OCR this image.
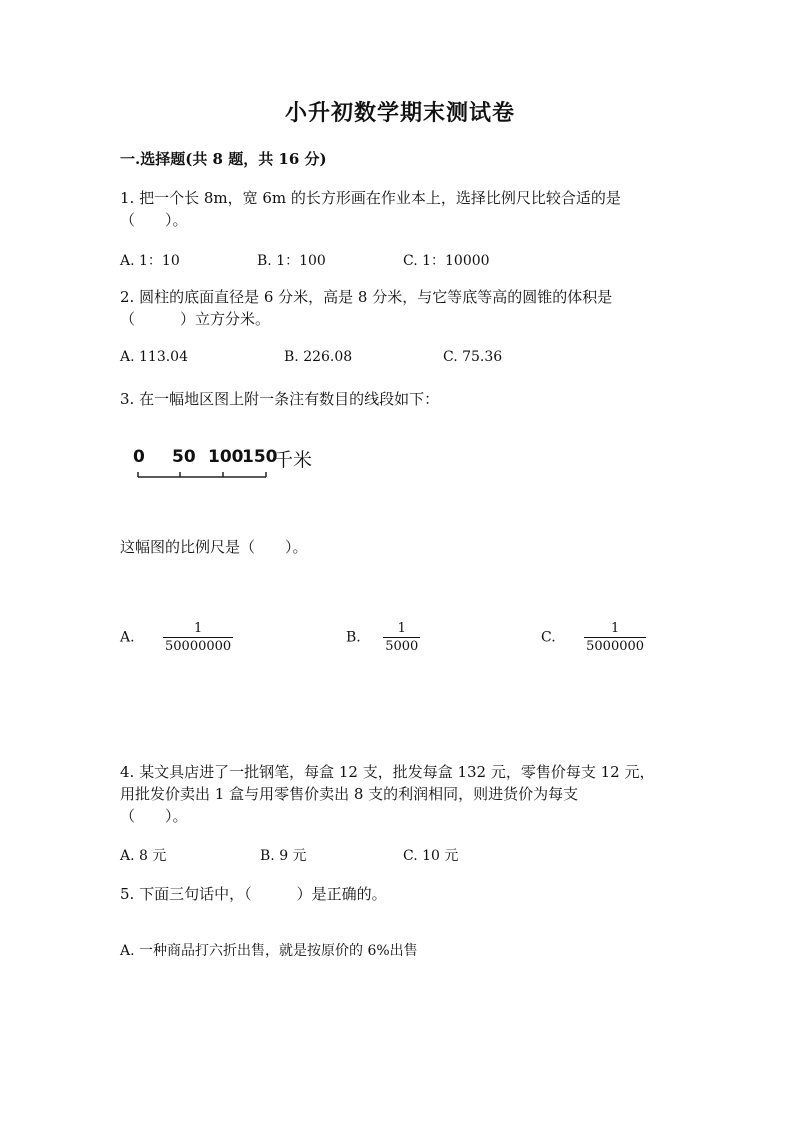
小升初数学期末测试卷
一.选择题(共 8 题，共 16 分)
1. 把一个长 8m，宽 6m 的长方形画在作业本上，选择比例尺比较合适的是
（　　）。
A. 1：10	B. 1：100	C. 1：10000
2. 圆柱的底面直径是 6 分米，高是 8 分米，与它等底等高的圆锥的体积是
（　　　）立方分米。
A. 113.04	B. 226.08	C. 75.36
3. 在一幅地区图上附一条注有数目的线段如下：
0 50 100
150
千米
这幅图的比例尺是（　　）。
A. $\frac{1}{50000000}$	B. $\frac{1}{5000}$	C. $\frac{1}{5000000}$
4. 某文具店进了一批钢笔，每盒 12 支，批发每盒 132 元，零售价每支 12 元，
用批发价卖出 1 盒与用零售价卖出 8 支的利润相同，则进货价为每支
（　　）。
A. 8 元	B. 9 元	C. 10 元
5. 下面三句话中，（　　　）是正确的。
A. 一种商品打六折出售，就是按原价的 6%出售
